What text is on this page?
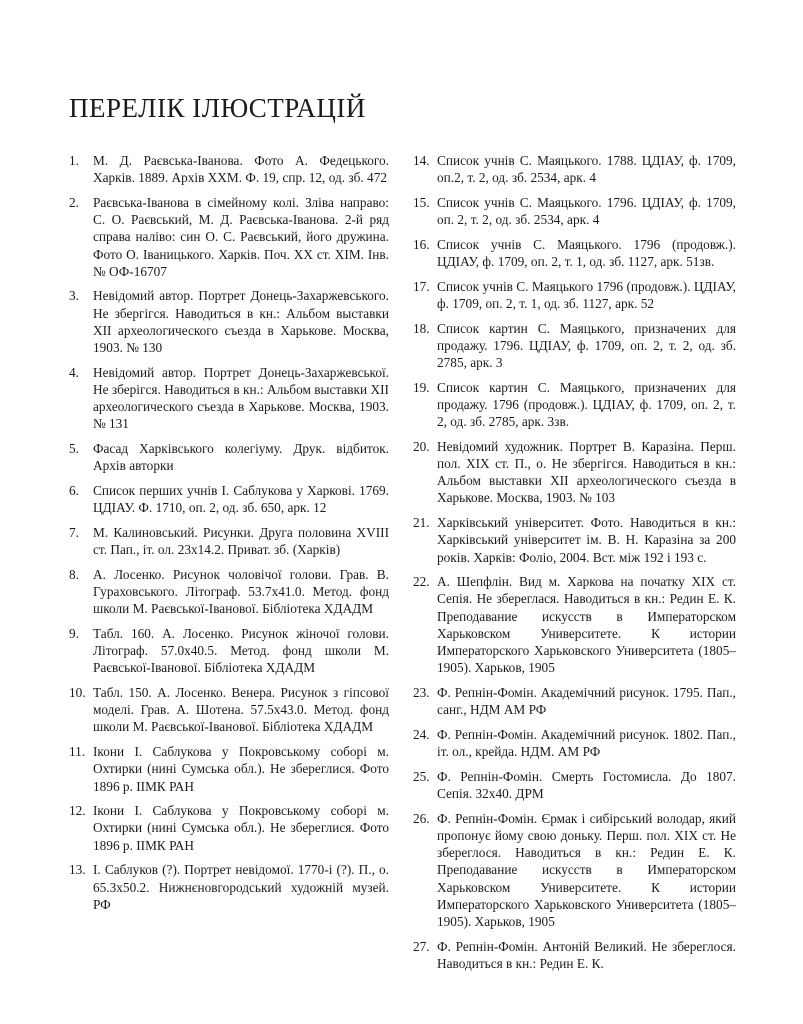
ПЕРЕЛІК ІЛЮСТРАЦІЙ
1. М. Д. Раєвська-Іванова. Фото А. Федецького. Харків. 1889. Архів ХХМ. Ф. 19, спр. 12, од. зб. 472
2. Раєвська-Іванова в сімейному колі. Зліва направо: С. О. Раєвський, М. Д. Раєвська-Іванова. 2-й ряд справа наліво: син О. С. Раєвський, його дружина. Фото О. Іваницького. Харків. Поч. ХХ ст. ХІМ. Інв. № ОФ-16707
3. Невідомий автор. Портрет Донець-Захаржевського. Не збергігся. Наводиться в кн.: Альбом выставки XII археологического съезда в Харькове. Москва, 1903. № 130
4. Невідомий автор. Портрет Донець-Захаржевської. Не зберігся. Наводиться в кн.: Альбом выставки XII археологического съезда в Харькове. Москва, 1903. № 131
5. Фасад Харківського колегіуму. Друк. відбиток. Архів авторки
6. Список перших учнів І. Саблукова у Харкові. 1769. ЦДІАУ. Ф. 1710, оп. 2, од. зб. 650, арк. 12
7. М. Калиновський. Рисунки. Друга половина XVIII ст. Пап., іт. ол. 23х14.2. Приват. зб. (Харків)
8. А. Лосенко. Рисунок чоловічої голови. Грав. В. Гураховського. Літограф. 53.7х41.0. Метод. фонд школи М. Раєвської-Іванової. Бібліотека ХДАДМ
9. Табл. 160. А. Лосенко. Рисунок жіночої голови. Літограф. 57.0х40.5. Метод. фонд школи М. Раєвської-Іванової. Бібліотека ХДАДМ
10. Табл. 150. А. Лосенко. Венера. Рисунок з гіпсової моделі. Грав. А. Шотена. 57.5х43.0. Метод. фонд школи М. Раєвської-Іванової. Бібліотека ХДАДМ
11. Ікони І. Саблукова у Покровському соборі м. Охтирки (нині Сумська обл.). Не збереглися. Фото 1896 р. ІІМК РАН
12. Ікони І. Саблукова у Покровському соборі м. Охтирки (нині Сумська обл.). Не збереглися. Фото 1896 р. ІІМК РАН
13. І. Саблуков (?). Портрет невідомої. 1770-і (?). П., о. 65.3х50.2. Нижнєновгородський художній музей. РФ
14. Список учнів С. Маяцького. 1788. ЦДІАУ, ф. 1709, оп.2, т. 2, од. зб. 2534, арк. 4
15. Список учнів С. Маяцького. 1796. ЦДІАУ, ф. 1709, оп. 2, т. 2, од. зб. 2534, арк. 4
16. Список учнів С. Маяцького. 1796 (продовж.). ЦДІАУ, ф. 1709, оп. 2, т. 1, од. зб. 1127, арк. 51зв.
17. Список учнів С. Маяцького 1796 (продовж.). ЦДІАУ, ф. 1709, оп. 2, т. 1, од. зб. 1127, арк. 52
18. Список картин С. Маяцького, призначених для продажу. 1796. ЦДІАУ, ф. 1709, оп. 2, т. 2, од. зб. 2785, арк. 3
19. Список картин С. Маяцького, призначених для продажу. 1796 (продовж.). ЦДІАУ, ф. 1709, оп. 2, т. 2, од. зб. 2785, арк. 3зв.
20. Невідомий художник. Портрет В. Каразіна. Перш. пол. ХІХ ст. П., о. Не збергігся. Наводиться в кн.: Альбом выставки XII археологического съезда в Харькове. Москва, 1903. № 103
21. Харківський університет. Фото. Наводиться в кн.: Харківський університет ім. В. Н. Каразіна за 200 років. Харків: Фоліо, 2004. Вст. між 192 і 193 с.
22. А. Шепфлін. Вид м. Харкова на початку ХІХ ст. Сепія. Не збереглася. Наводиться в кн.: Редин Е. К. Преподавание искусств в Императорском Харьковском Университете. К истории Императорского Харьковского Университета (1805–1905). Харьков, 1905
23. Ф. Репнін-Фомін. Академічний рисунок. 1795. Пап., санг., НДМ АМ РФ
24. Ф. Репнін-Фомін. Академічний рисунок. 1802. Пап., іт. ол., крейда. НДМ. АМ РФ
25. Ф. Репнін-Фомін. Смерть Гостомисла. До 1807. Сепія. 32х40. ДРМ
26. Ф. Репнін-Фомін. Єрмак і сибірський володар, який пропонує йому свою доньку. Перш. пол. ХІХ ст. Не збереглося. Наводиться в кн.: Редин Е. К. Преподавание искусств в Императорском Харьковском Университете. К истории Императорского Харьковского Университета (1805–1905). Харьков, 1905
27. Ф. Репнін-Фомін. Антоній Великий. Не збереглося. Наводиться в кн.: Редин Е. К.
